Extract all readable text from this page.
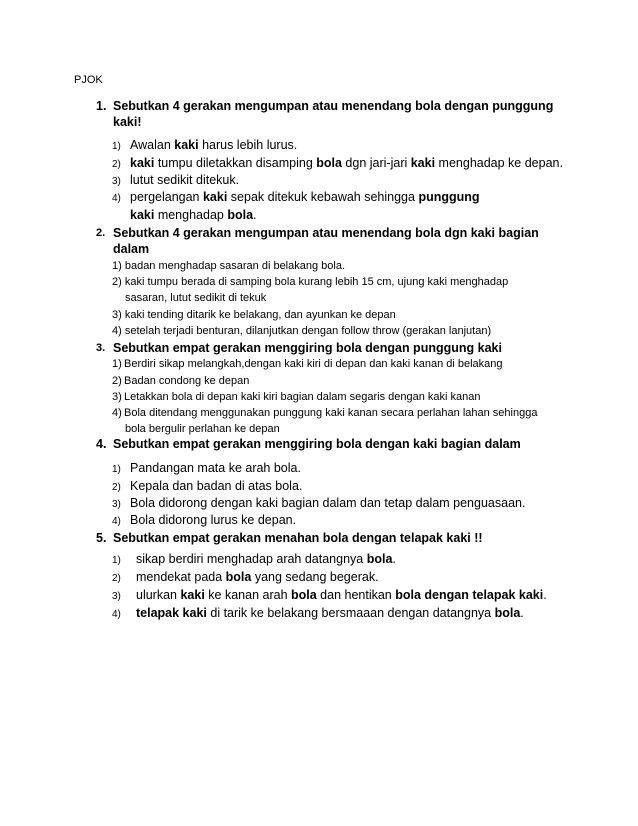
PJOK
1. Sebutkan 4 gerakan mengumpan atau menendang bola dengan punggung kaki!
1) Awalan kaki harus lebih lurus.
2) kaki tumpu diletakkan disamping bola dgn jari-jari kaki menghadap ke depan.
3) lutut sedikit ditekuk.
4) pergelangan kaki sepak ditekuk kebawah sehingga punggung
kaki menghadap bola.
2. Sebutkan 4 gerakan mengumpan atau menendang bola dgn kaki bagian dalam
1) badan menghadap sasaran di belakang bola.
2) kaki tumpu berada di samping bola kurang lebih 15 cm, ujung kaki menghadap
sasaran, lutut sedikit di tekuk
3) kaki tending ditarik ke belakang, dan ayunkan ke depan
4) setelah terjadi benturan, dilanjutkan dengan follow throw (gerakan lanjutan)
3. Sebutkan empat gerakan menggiring bola dengan punggung kaki
1) Berdiri sikap melangkah,dengan kaki kiri di depan dan kaki kanan di belakang
2) Badan condong ke depan
3) Letakkan bola di depan kaki kiri bagian dalam segaris dengan kaki kanan
4) Bola ditendang menggunakan punggung kaki kanan secara perlahan lahan sehingga
bola bergulir perlahan ke depan
4. Sebutkan empat gerakan menggiring bola dengan kaki bagian dalam
1) Pandangan mata ke arah bola.
2) Kepala dan badan di atas bola.
3) Bola didorong dengan kaki bagian dalam dan tetap dalam penguasaan.
4) Bola didorong lurus ke depan.
5. Sebutkan empat gerakan menahan bola dengan telapak kaki !!
1) sikap berdiri menghadap arah datangnya bola.
2) mendekat pada bola yang sedang begerak.
3) ulurkan kaki ke kanan arah bola dan hentikan bola dengan telapak kaki.
4) telapak kaki di tarik ke belakang bersmaaan dengan datangnya bola.
